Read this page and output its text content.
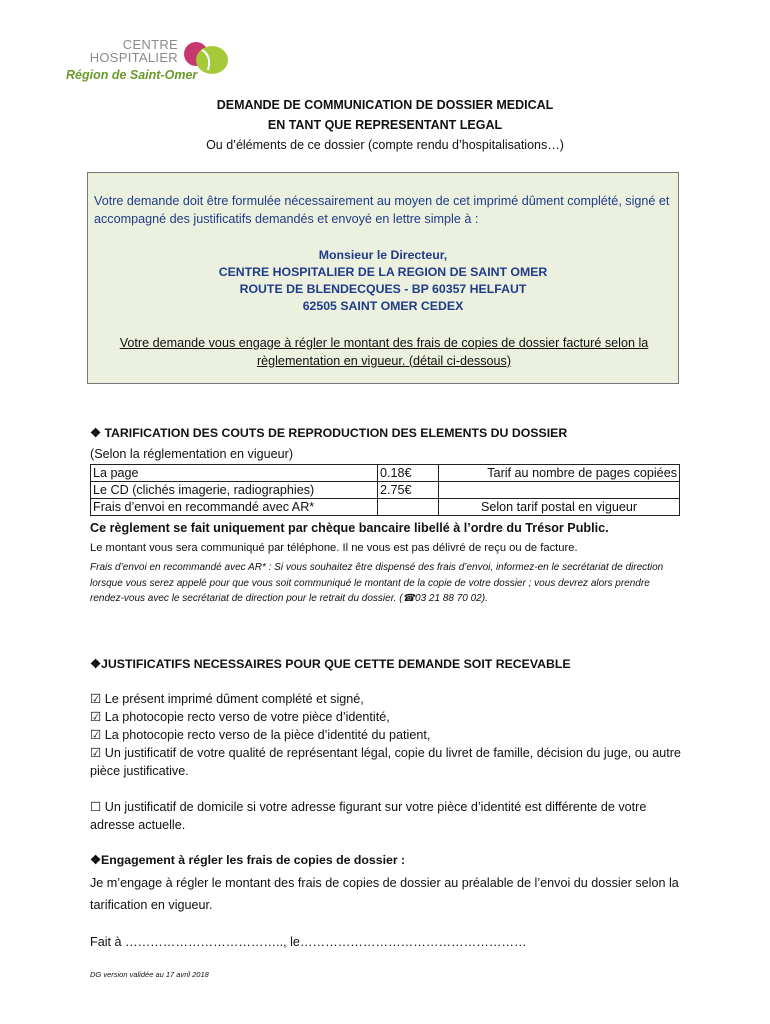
CENTRE
HOSPITALIER
Région de Saint-Omer
DEMANDE DE COMMUNICATION DE DOSSIER MEDICAL
EN TANT QUE REPRESENTANT LEGAL
Ou d’éléments de ce dossier (compte rendu d’hospitalisations…)

Votre demande doit être formulée nécessairement au moyen de cet imprimé dûment complété, signé et accompagné des justificatifs demandés et envoyé en lettre simple à :

Monsieur le Directeur,

CENTRE HOSPITALIER DE LA REGION DE SAINT OMER

ROUTE DE BLENDECQUES - BP 60357 HELFAUT

62505 SAINT OMER CEDEX

Votre demande vous engage à régler le montant des frais de copies de dossier facturé selon la règlementation en vigueur. (détail ci-dessous)

❖ TARIFICATION DES COUTS DE REPRODUCTION DES ELEMENTS DU DOSSIER
(Selon la réglementation en vigueur)
La page	0.18€	Tarif au nombre de pages copiées
Le CD (clichés imagerie, radiographies)	2.75€	
Frais d’envoi en recommandé avec AR*		Selon tarif postal en vigueur
Ce règlement se fait uniquement par chèque bancaire libellé à l’ordre du Trésor Public.
Le montant vous sera communiqué par téléphone. Il ne vous est pas délivré de reçu ou de facture.
Frais d’envoi en recommandé avec AR* : Si vous souhaitez être dispensé des frais d’envoi, informez-en le secrétariat de direction lorsque vous serez appelé pour que vous soit communiqué le montant de la copie de votre dossier ; vous devrez alors prendre rendez-vous avec le secrétariat de direction pour le retrait du dossier. (☎03 21 88 70 02).
❖JUSTIFICATIFS NECESSAIRES POUR QUE CETTE DEMANDE SOIT RECEVABLE
☑ Le présent imprimé dûment complété et signé,
☑ La photocopie recto verso de votre pièce d’identité,
☑ La photocopie recto verso de la pièce d’identité du patient,
☑ Un justificatif de votre qualité de représentant légal, copie du livret de famille, décision du juge, ou autre pièce justificative.
☐ Un justificatif de domicile si votre adresse figurant sur votre pièce d’identité est différente de votre adresse actuelle.
❖Engagement à régler les frais de copies de dossier :
Je m’engage à régler le montant des frais de copies de dossier au préalable de l’envoi du dossier selon la tarification en vigueur.
Fait à ……………………………….., le………………………………………………
DG version validée au 17 avril 2018
